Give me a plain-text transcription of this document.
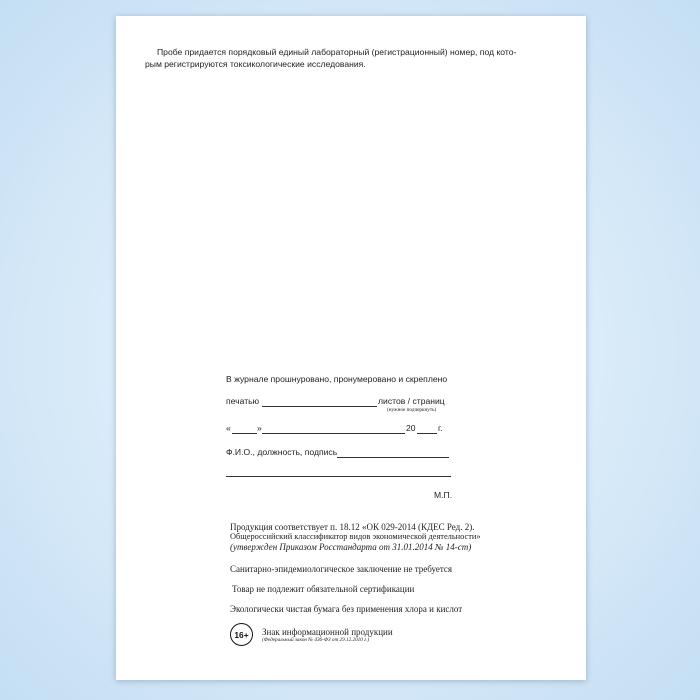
Пробе придается порядковый единый лабораторный (регистрационный) номер, под кото-
рым регистрируются токсикологические исследования.
В журнале прошнуровано, пронумеровано и скреплено
печатью	листов / страниц
(нужное подчеркнуть)
«	»	20	г.
Ф.И.О., должность, подпись
М.П.
Продукция соответствует п. 18.12 «ОК 029-2014 (КДЕС Ред. 2).
Общероссийский классификатор видов экономической деятельности»
(утвержден Приказом Росстандарта от 31.01.2014 № 14-ст)
Санитарно-эпидемиологическое заключение не требуется
Товар не подлежит обязательной сертификации
Экологически чистая бумага без применения хлора и кислот
16+ Знак информационной продукции
(Федеральный закон № 436-ФЗ от 29.12.2010 г.)
